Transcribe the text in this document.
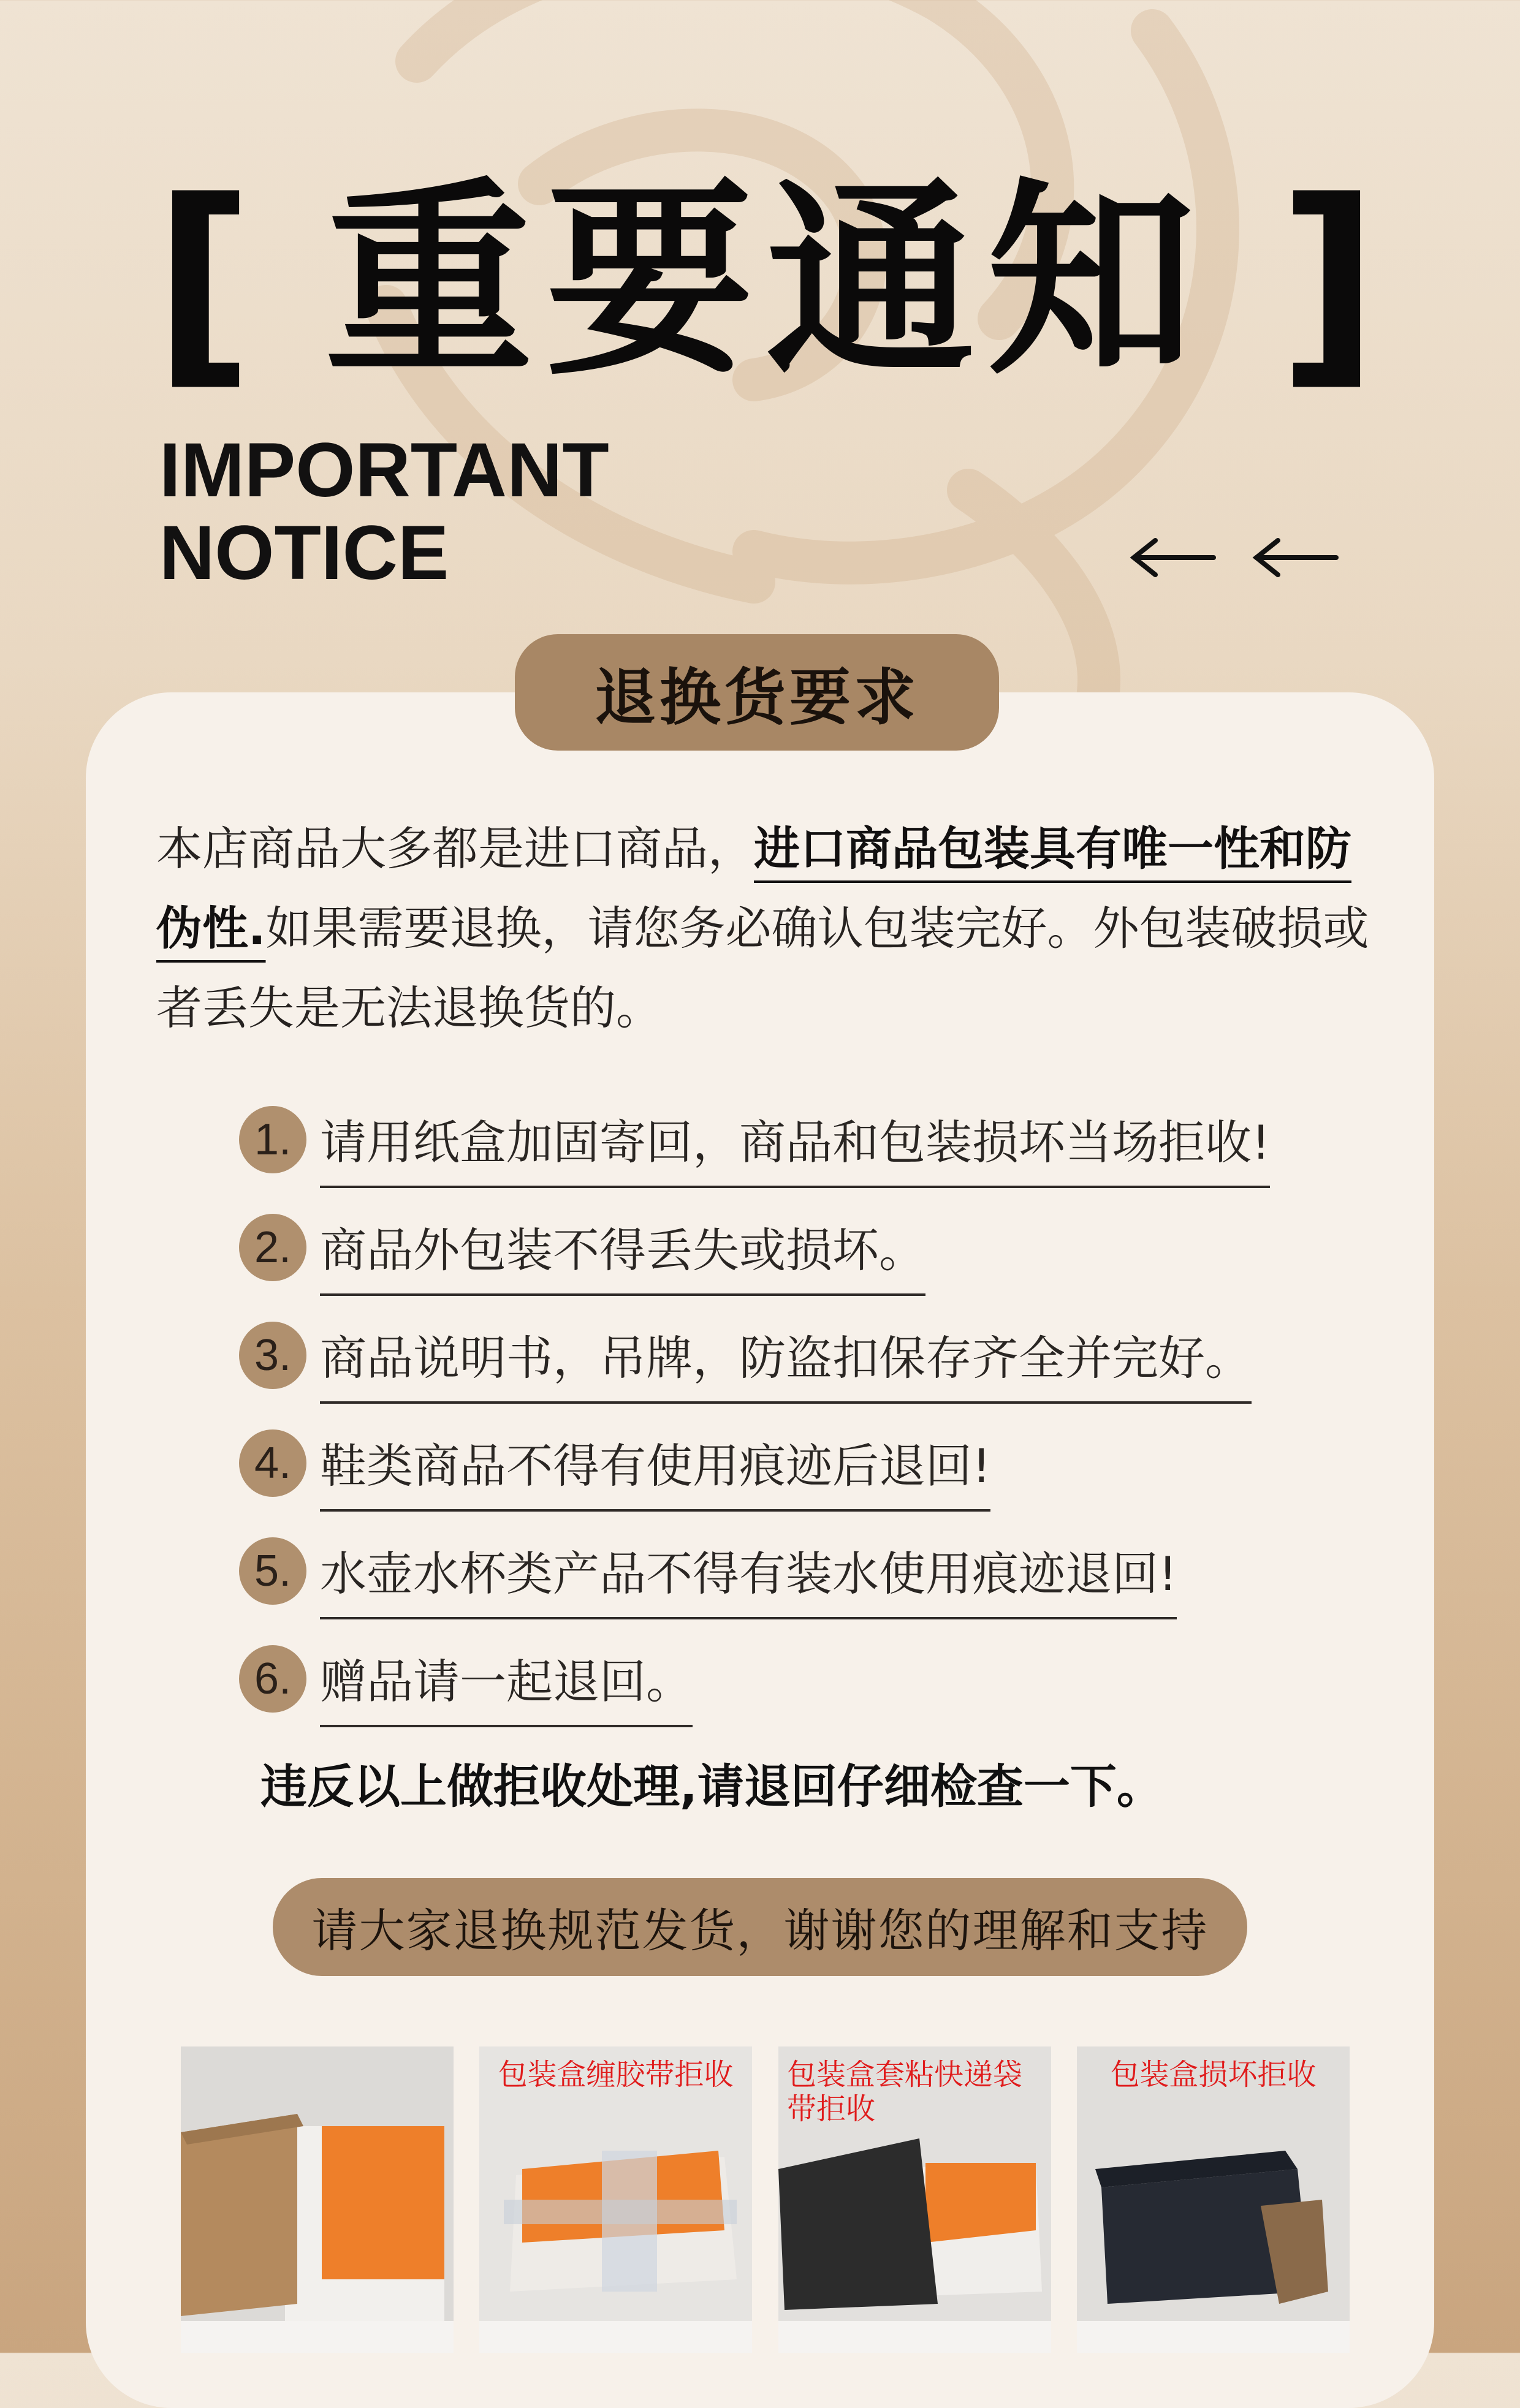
[ 重要通知 ]
IMPORTANT
NOTICE
退换货要求
本店商品大多都是进口商品，进口商品包装具有唯一性和防伪性.如果需要退换，请您务必确认包装完好。外包装破损或者丢失是无法退换货的。
1. 请用纸盒加固寄回，商品和包装损坏当场拒收!
2. 商品外包装不得丢失或损坏。
3. 商品说明书，吊牌，防盗扣保存齐全并完好。
4. 鞋类商品不得有使用痕迹后退回!
5. 水壶水杯类产品不得有装水使用痕迹退回!
6. 赠品请一起退回。
违反以上做拒收处理,请退回仔细检查一下。
请大家退换规范发货，谢谢您的理解和支持
包装盒缠胶带拒收	包装盒套粘快递袋带拒收
包装盒损坏拒收
